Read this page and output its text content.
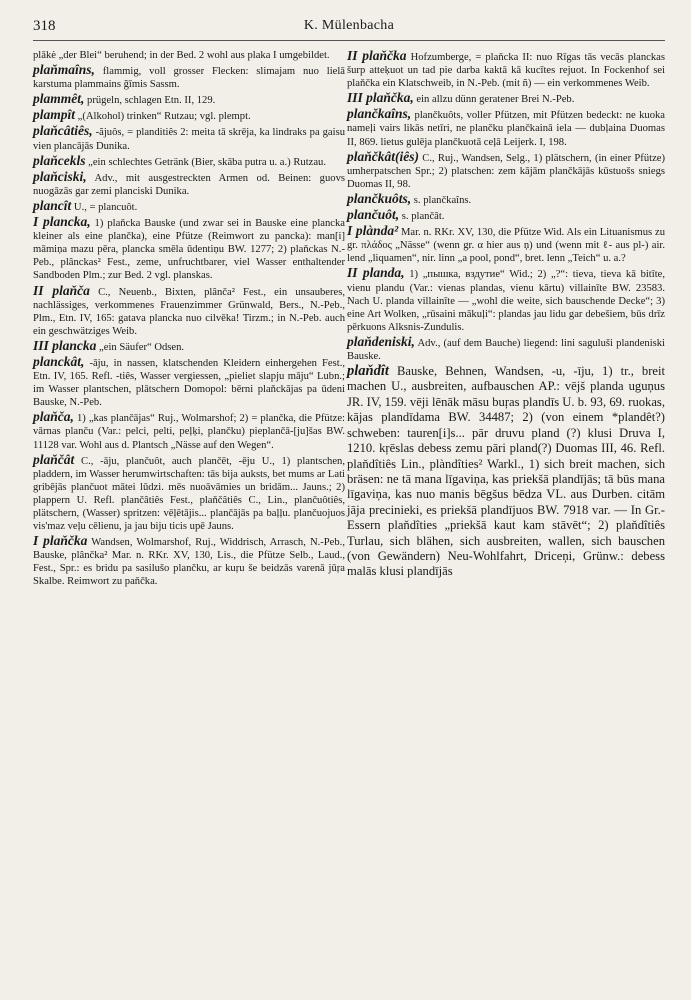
318	K. Mülenbacha

plākė „der Blei“ beruhend; in der Bed. 2 wohl aus plaka I umgebildet.

plaňmaîns, flammig, voll grosser Flecken: slimajam nuo lielā karstuma plammains ğīmis Sassm.

plammêt, prügeln, schlagen Etn. II, 129.

plampît „(Alkohol) trinken“ Rutzau; vgl. plempt.

plaňcâtiês, -ãjuôs, = planditiês 2: meita tā skrēja, ka lindraks pa gaisu vien plancājās Dunika.

plaňcekls „ein schlechtes Getränk (Bier, skāba putra u. a.) Rutzau.

plaňciski, Adv., mit ausgestreckten Armen od. Beinen: guovs nuogāzās gar zemi planciski Dunika.

plancît U., = plancuôt.

I plancka, 1) plaňcka Bauske (und zwar sei in Bauske eine plancka kleiner als eine plančka), eine Pfütze (Reimwort zu pancka): man[i] māmiņa mazu pēra, plancka smēla ūdentiņu BW. 1277; 2) plaňckas N.-Peb., plânckas² Fest., zeme, unfruchtbarer, viel Wasser enthaltender Sandboden Plm.; zur Bed. 2 vgl. planskas.

II plaňča C., Neuenb., Bixten, plânča² Fest., ein unsauberes, nachlässiges, verkommenes Frauenzimmer Grünwald, Bers., N.-Peb., Plm., Etn. IV, 165: gatava plancka nuo cilvēka! Tirzm.; in N.-Peb. auch ein geschwätziges Weib.

III plancka „ein Säufer“ Odsen.

planckât, -āju, in nassen, klatschenden Kleidern einhergehen Fest., Etn. IV, 165. Refl. -tiês, Wasser vergiessen, „pieliet slapju māju“ Lubn.; im Wasser plantschen, plātschern Domopol: bērni plaňckājas pa ūdeni Bauske, N.-Peb.

plaňča, 1) „kas plančājas“ Ruj., Wolmarshof; 2) = plančka, die Pfütze: vārnas planču (Var.: pelci, pelti, peļķi, plančku) pieplančā-[ju]šas BW. 11128 var. Wohl aus d. Plantsch „Nässe auf den Wegen“.

plaňčât C., -āju, plančuôt, auch plančēt, -ēju U., 1) plantschen, pladdern, im Wasser herumwirtschaften: tās bija auksts, bet mums ar Lati gribējās plančuot mātei lūdzi. mēs nuoāvāmies un bridām... Jauns.; 2) plappern U. Refl. plančâtiês Fest., plaňčâtiês C., Lin., plančuôtiês, plätschern, (Wasser) spritzen: vēļētājis... plančājās pa baļļu. plančuojuos vis'maz veļu cēlienu, ja jau biju ticis upē Jauns.

I plaňčka Wandsen, Wolmarshof, Ruj., Widdrisch, Arrasch, N.-Peb., Bauske, plânčka² Mar. n. RKr. XV, 130, Lis., die Pfütze Selb., Laud., Fest., Spr.: es bridu pa sasilušo plančku, ar kuŗu še beidzās varenā jūŗa Skalbe. Reimwort zu paňčka.

II plaňčka Hofzumberge, = plaňcka II: nuo Rīgas tās vecās planckas šurp atteķuot un tad pie darba kaktā kā kucītes rejuot. In Fockenhof sei plaňčka ein Klatschweib, in N.-Peb. (mit ñ) — ein verkommenes Weib.

III plaňčka, ein allzu dünn geratener Brei N.-Peb.

plančkaîns, plančkuôts, voller Pfützen, mit Pfützen bedeckt: ne kuoka nameļi vairs likās netīri, ne plančku plančkainā iela — dubļaina Duomas II, 869. lietus gulēja plančkuotā ceļā Leijerk. I, 198.

plaňčkât(iês) C., Ruj., Wandsen, Selg., 1) plätschern, (in einer Pfütze) umherpatschen Spr.; 2) platschen: zem kājām plančkājās kūstuošs sniegs Duomas II, 98.

plančkuôts, s. plančkaîns.

plančuôt, s. plančât.

I plànda² Mar. n. RKr. XV, 130, die Pfütze Wid. Als ein Lituanismus zu gr. πλάδος „Nässe“ (wenn gr. α hier aus ņ) und (wenn mit ℓ- aus pl-) air. lend „liquamen“, nir. linn „a pool, pond“, bret. lenn „Teich“ u. a.?

II planda, 1) „пышка, вздутие“ Wid.; 2) „?“: tieva, tieva kā bitīte, vienu plandu (Var.: vienas plandas, vienu kārtu) villainīte BW. 23583. Nach U. planda villainīte — „wohl die weite, sich bauschende Decke“; 3) eine Art Wolken, „rūsaini mākuļi“: plandas jau lidu gar debešiem, būs drīz pērkuons Alksnis-Zundulis.

plaňdeniski, Adv., (auf dem Bauche) liegend: lini saguluši plandeniski Bauske.

plaňdît Bauske, Behnen, Wandsen, -u, -īju, 1) tr., breit machen U., ausbreiten, aufbauschen AP.: vējš planda uguņus JR. IV, 159. vēji lēnāk māsu buŗas plandīs U. b. 93, 69. ruokas, kājas plandīdama BW. 34487; 2) (von einem *plandêt?) schweben: tauren[i]s... pār druvu pland (?) klusi Druva I, 1210. kŗēslas debess zemu pāri pland(?) Duomas III, 46. Refl. plaňdîtiês Lin., plàndîties² Warkl., 1) sich breit machen, sich bräsen: ne tā mana līgaviņa, kas priekšā plandījās; tā būs mana līgaviņa, kas nuo manis bēgšus bēdza VL. aus Durben. citām jāja precinieki, es priekšā plandījuos BW. 7918 var. — In Gr.-Essern plaňdîties „priekšā kaut kam stāvēt“; 2) plaňdîtiês Turlau, sich blähen, sich ausbreiten, wallen, sich bauschen (von Gewändern) Neu-Wohlfahrt, Driceņi, Grünw.: debess malās klusi plandījās
